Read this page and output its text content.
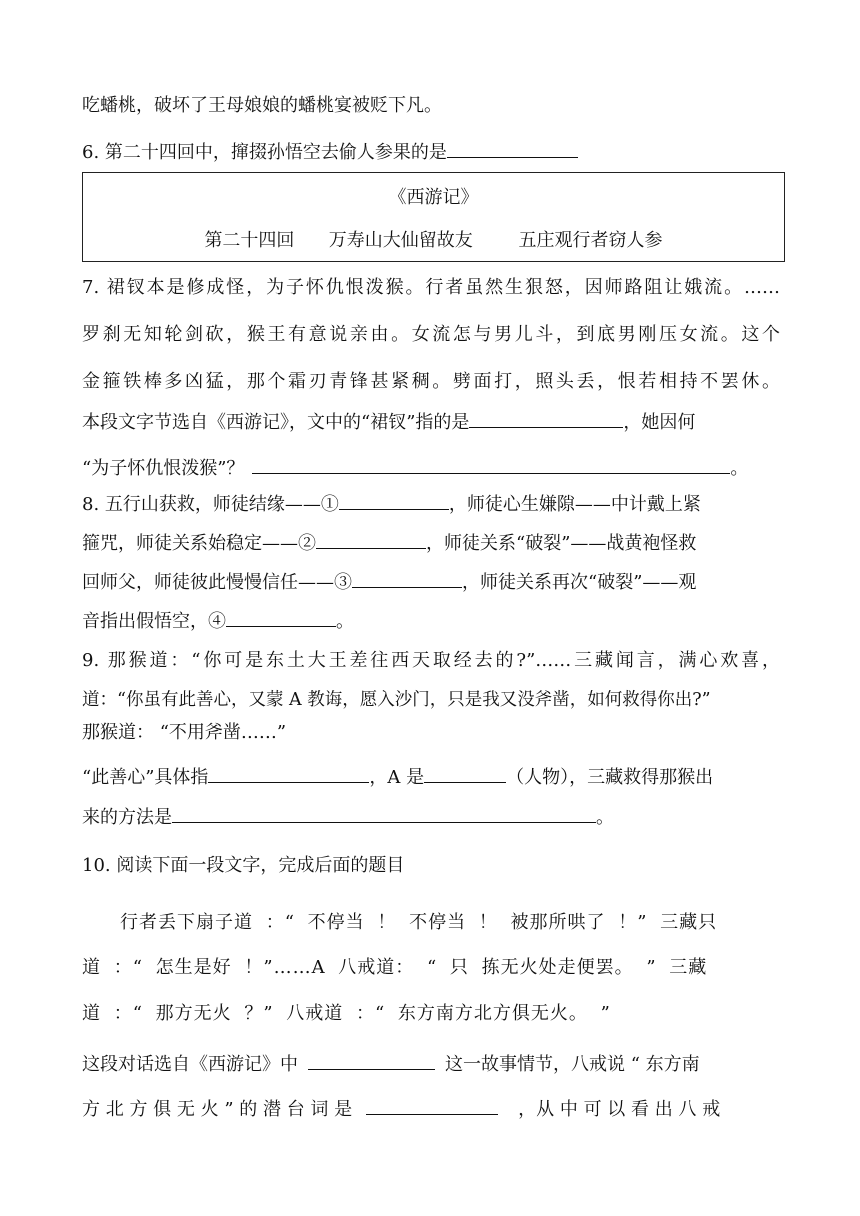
吃蟠桃，破坏了王母娘娘的蟠桃宴被贬下凡。
6. 第二十四回中，撺掇孙悟空去偷人参果的是
《西游记》
第二十四回      万寿山大仙留故友        五庄观行者窃人参
7. 裙钗本是修成怪，为子怀仇恨泼猴。行者虽然生狠怒，因师路阻让娥流。……
罗刹无知轮剑砍，猴王有意说亲由。女流怎与男儿斗，到底男刚压女流。这个
金箍铁棒多凶猛，那个霜刃青锋甚紧稠。劈面打，照头丢，恨若相持不罢休。
本段文字节选自《西游记》，文中的“裙钗”指的是	，她因何
“为子怀仇恨泼猴”？	。
8. 五行山获救，师徒结缘——①	，师徒心生嫌隙——中计戴上紧
箍咒，师徒关系始稳定——②	，师徒关系“破裂”——战黄袍怪救
回师父，师徒彼此慢慢信任——③	，师徒关系再次“破裂”——观
音指出假悟空，④	。
9. 那猴道：“你可是东土大王差往西天取经去的?”……三藏闻言，满心欢喜，
道：“你虽有此善心，又蒙 A 教诲，愿入沙门，只是我又没斧凿，如何救得你出?”
那猴道： “不用斧凿……”
“此善心”具体指	，A 是	（人物），三藏救得那猴出
来的方法是	。
10. 阅读下面一段文字，完成后面的题目
行者丢下扇子道 ：“ 不停当 ！ 不停当 ！ 被那所哄了 ！” 三藏只
道 ：“ 怎生是好 ！”……A 八戒道： “ 只 拣无火处走便罢。 ” 三藏
道 ：“ 那方无火 ？” 八戒道 ：“ 东方南方北方俱无火。 ”
这段对话选自《西游记》中	这一故事情节，八戒说 “ 东方南
方 北 方 俱 无 火 ” 的 潜 台 词 是	，从 中 可 以 看 出 八 戒
